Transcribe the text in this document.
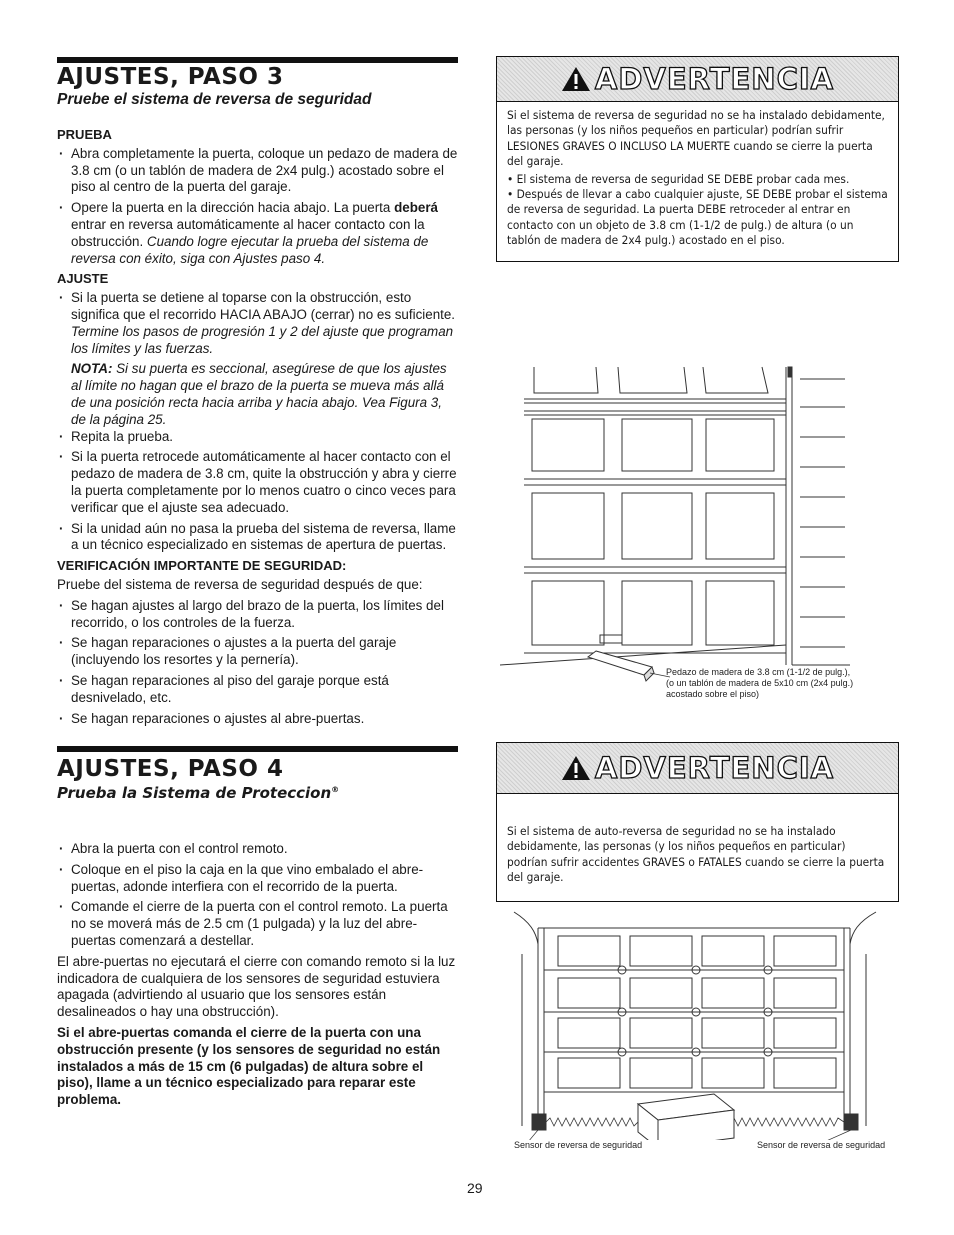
AJUSTES, PASO 3
Pruebe el sistema de reversa de seguridad

PRUEBA

· Abra completamente la puerta, coloque un pedazo de madera de 3.8 cm (o un tablón de madera de 2x4 pulg.) acostado sobre el piso al centro de la puerta del garaje.
· Opere la puerta en la dirección hacia abajo. La puerta deberá entrar en reversa automáticamente al hacer contacto con la obstrucción. Cuando logre ejecutar la prueba del sistema de reversa con éxito, siga con Ajustes paso 4.

AJUSTE

· Si la puerta se detiene al toparse con la obstrucción, esto significa que el recorrido HACIA ABAJO (cerrar) no es suficiente. Termine los pasos de progresión 1 y 2 del ajuste que programan los límites y las fuerzas.

NOTA: Si su puerta es seccional, asegúrese de que los ajustes al límite no hagan que el brazo de la puerta se mueva más allá de una posición recta hacia arriba y hacia abajo. Vea Figura 3, de la página 25.

· Repita la prueba.
· Si la puerta retrocede automáticamente al hacer contacto con el pedazo de madera de 3.8 cm, quite la obstrucción y abra y cierre la puerta completamente por lo menos cuatro o cinco veces para verificar que el ajuste sea adecuado.
· Si la unidad aún no pasa la prueba del sistema de reversa, llame a un técnico especializado en sistemas de apertura de puertas.

VERIFICACIÓN IMPORTANTE DE SEGURIDAD:

Pruebe del sistema de reversa de seguridad después de que:

· Se hagan ajustes al largo del brazo de la puerta, los límites del recorrido, o los controles de la fuerza.
· Se hagan reparaciones o ajustes a la puerta del garaje (incluyendo los resortes y la pernería).
· Se hagan reparaciones al piso del garaje porque está desnivelado, etc.
· Se hagan reparaciones o ajustes al abre-puertas.
ADVERTENCIA

Si el sistema de reversa de seguridad no se ha instalado debidamente, las personas (y los niños pequeños en particular) podrían sufrir LESIONES GRAVES O INCLUSO LA MUERTE cuando se cierre la puerta del garaje.

• El sistema de reversa de seguridad SE DEBE probar cada mes.

• Después de llevar a cabo cualquier ajuste, SE DEBE probar el sistema de reversa de seguridad. La puerta DEBE retroceder al entrar en contacto con un objeto de 3.8 cm (1-1/2 de pulg.) de altura (o un tablón de madera de 2x4 pulg.) acostado en el piso.

Pedazo de madera de 3.8 cm (1-1/2 de pulg.),
(o un tablón de madera de 5x10 cm (2x4 pulg.)
acostado sobre el piso)
AJUSTES, PASO 4
Prueba la Sistema de Proteccion®
· Abra la puerta con el control remoto.
· Coloque en el piso la caja en la que vino embalado el abre-puertas, adonde interfiera con el recorrido de la puerta.
· Comande el cierre de la puerta con el control remoto. La puerta no se moverá más de 2.5 cm (1 pulgada) y la luz del abre-puertas comenzará a destellar.

El abre-puertas no ejecutará el cierre con comando remoto si la luz indicadora de cualquiera de los sensores de seguridad estuviera apagada (advirtiendo al usuario que los sensores están desalineados o hay una obstrucción).

Si el abre-puertas comanda el cierre de la puerta con una obstrucción presente (y los sensores de seguridad no están instalados a más de 15 cm (6 pulgadas) de altura sobre el piso), llame a un técnico especializado para reparar este problema.

ADVERTENCIA

Si el sistema de auto-reversa de seguridad no se ha instalado debidamente, las personas (y los niños pequeños en particular) podrían sufrir accidentes GRAVES o FATALES cuando se cierre la puerta del garaje.

Sensor de reversa de seguridad	Sensor de reversa de seguridad
29
